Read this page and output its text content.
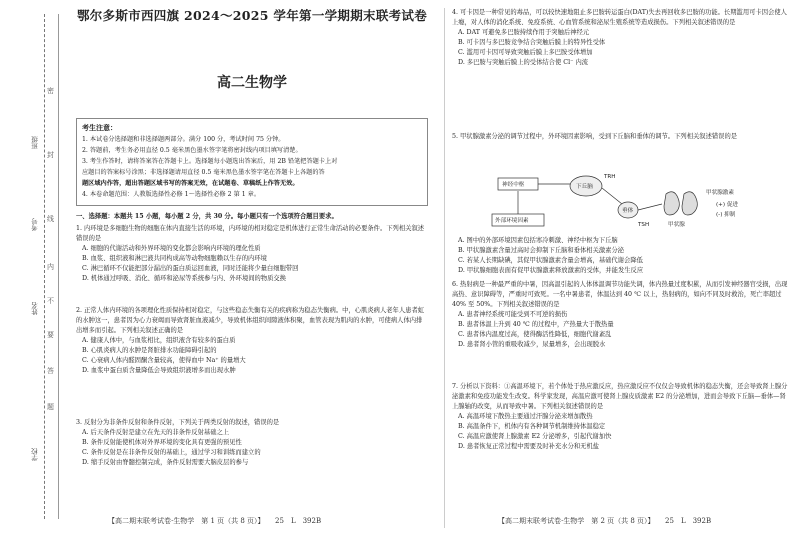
班级
考号
姓名
学校
密
封
线
内
不
要
答
题
鄂尔多斯市西四旗 2024～2025 学年第一学期期末联考试卷
高二生物学
考生注意：
1. 本试卷分选择题和非选择题两部分。满分 100 分，考试时间 75 分钟。
2. 答题前，考生务必用直径 0.5 毫米黑色墨水签字笔将密封线内项目填写清楚。
3. 考生作答时，请将答案答在答题卡上。选择题每小题选出答案后，用 2B 铅笔把答题卡上对
应题目的答案标号涂黑；非选择题请用直径 0.5 毫米黑色墨水签字笔在答题卡上各题的答
题区域内作答，超出答题区域书写的答案无效，在试题卷、草稿纸上作答无效。
4. 本卷命题范围：人教版选择性必修 1～选择性必修 2 第 1 章。

一、选择题：本题共 15 小题，每小题 2 分，共 30 分。每小题只有一个选项符合题目要求。

1. 内环境是多细胞生物的细胞在体内直接生活的环境，内环境的相对稳定是机体进行正常生命活动的必要条件。下列相关叙述错误的是

A. 细胞的代谢活动和外界环境的变化都会影响内环境的理化性质

B. 血浆、组织液和淋巴液共同构成高等动物细胞赖以生存的内环境

C. 淋巴循环不仅能把部分漏出的蛋白质运回血液，同时还能将少量白细胞带回

D. 机体通过呼吸、消化、循环和泌尿等系统参与内、外环境间的物质交换

2. 正常人体内环境的各项理化性质保持相对稳定，与这些稳态失衡有关的疾病称为稳态失衡病。中，心肌炎病人老年人患者虹的水肿这一，患者因为心力衰竭而导致肾脏血液减少，导致机体组织间隙液体积聚，血管表现为肌肉的水肿，可使病人体内排出增多而引起。下列相关叙述正确的是

A. 健康人体中，与血浆相比，组织液含有较多的蛋白质

B. 心肌炎病人的水肿是肾脏排水功能障碍引起的

C. 心衰病人体内醛固酮含量较高，使得血中 Na⁺ 的量增大

D. 血浆中蛋白质含量降低会导致组织液增多而出现水肿

3. 反射分为非条件反射和条件反射，下列关于两类反射的叙述，错误的是

A. 后天条件反射是建立在先天的非条件反射基础之上

B. 条件反射能使机体对外界环境的变化具有更强的预见性

C. 条件反射是在非条件反射的基础上，通过学习和训练而建立的

D. 缩手反射由脊髓控制完成，条件反射需要大脑皮层的参与

【高二期末联考试卷·生物学　第 1 页（共 8 页）】　　25　L　392B

4. 可卡因是一种常见的毒品，可以较快速地阻止多巴胺转运蛋白(DAT)失去再回收多巴胺的功能。长期滥用可卡因会使人上瘾，对人体的消化系统、免疫系统、心血管系统和泌尿生殖系统等造成损伤。下列相关叙述错误的是

A. DAT 可避免多巴胺持续作用于突触后神经元

B. 可卡因与多巴胺竞争结合突触后膜上的特异性受体

C. 滥用可卡因可导致突触后膜上多巴胺受体增加

D. 多巴胺与突触后膜上的受体结合使 Cl⁻ 内流

5. 甲状腺激素分泌的调节过程中，外环境因素影响，受到下丘脑和垂体的调节。下列相关叙述错误的是

神经中枢
外部环境因素
下丘脑
TRH
垂体
TSH	甲状腺
甲状腺激素
(+) 促进
(-) 抑制

A. 图中的外部环境因素包括寒冷刺激、神经中枢为下丘脑

B. 甲状腺激素含量过高时会抑制下丘脑和垂体相关激素分泌

C. 若某人长期缺碘，其促甲状腺激素含量会增高，基础代谢会降低

D. 甲状腺细胞表面有促甲状腺激素释放激素的受体，并能发生反应

6. 热射病是一种最严重的中暑，因高温引起的人体体温调节功能失调，体内热量过度积累，从而引发神经器官受损，出现高热、意识障碍等，严重时可致死。一名中暑患者，体温达到 40 ℃ 以上，热射病的，如向不同及时救治，死亡率超过 40% 至 50%。下列相关叙述错误的是

A. 患者神经系统可能受到不可逆的损伤

B. 患者体温上升到 40 ℃ 的过程中，产热量大于散热量

C. 患者体内温度过高，使得酶活性降低，细胞代谢紊乱

D. 患者肾小管的重吸收减少，尿量增多，会出现脱水

7. 分析以下资料：①高温环境下，若个体处于热应激反应，热应激反应不仅仅会导致机体的稳态失衡，还会导致肾上腺分泌激素和免疫功能发生改变。科学家发现，高温应激可使肾上腺皮质激素 E2 的分泌增加，进而会导致下丘脑—垂体—肾上腺轴的改变，从而导致中暑。下列相关叙述错误的是

A. 高温环境下散热主要通过汗腺分泌来增加散热

B. 高温条件下，机体内有各种调节机制维持体温稳定

C. 高温应激使肾上腺激素 E2 分泌增多，引起代谢加快

D. 患者恢复正常过程中需要及时补充水分和无机盐

【高二期末联考试卷·生物学　第 2 页（共 8 页）】　　25　L　392B
